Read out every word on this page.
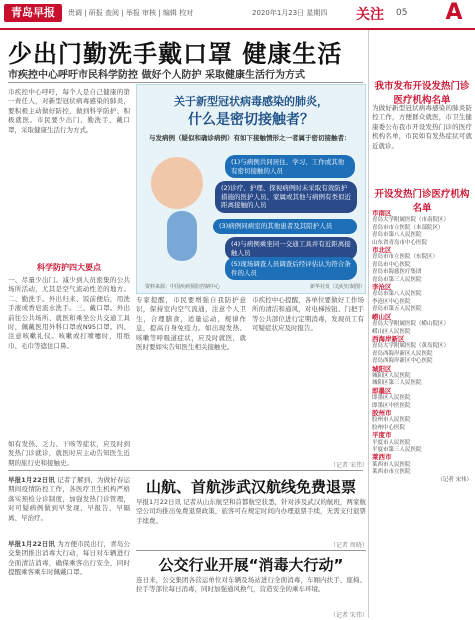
青岛早报	贵调 | 研报 查阅 | 举报 审核 | 编辑 校对	2020年1月23日 星期四 关注 05	A
少出门勤洗手戴口罩 健康生活
市疾控中心呼吁市民科学防控 做好个人防护 采取健康生活行为方式
市疾控中心呼吁，每个人是自己健康的第一责任人，对新型冠状病毒感染的肺炎，要积极主动做好防控，做到科学防护、积极就医。市民要少出门、勤洗手、戴口罩，采取健康生活行为方式。
科学防护四大要点
一、尽量少出门。减少到人员密集的公共场所活动，尤其是空气流动性差的地方。二、勤洗手。外出归来、饭前便后，用洗手液或香皂流水洗手。三、戴口罩。外出前往公共场所、就医和乘坐公共交通工具时，佩戴医用外科口罩或N95口罩。四、注意咳嗽礼仪。咳嗽或打喷嚏时，用纸巾、毛巾等遮住口鼻。
如有发热、乏力、干咳等症状，应及时到发热门诊就诊，就医时应主动告知医生近期的旅行史和接触史。
关于新型冠状病毒感染的肺炎，
什么是密切接触者？
与发病例（疑似和确诊病例）有如下接触情形之一者属于密切接触者：
(1)与病例共同居住、学习、工作或其他有密切接触的人员
(2)诊疗、护理、探视病例时未采取有效防护措施的医护人员、家属或其他与病例有类似近距离接触的人员
(3)病例同病室的其他患者及其陪护人员
(4)与病例乘坐同一交通工具并有近距离接触人员
(5)现场调查人员调查后经评估认为符合条件的人员
资料来源：中国疾病预防控制中心	新华社发（边纪红制图）
专家提醒，市民要增强自我防护意识，保持室内空气流通，注意个人卫生，合理膳食，适量运动，规律作息，提高自身免疫力。如出现发热、咳嗽等呼吸道症状，应及时就医，就医时要如实告知医生相关接触史。
市疾控中心提醒，各单位要做好工作场所的清洁和通风，对电梯按钮、门把手等公共部位进行定期消毒，发现员工有可疑症状应及时报告。
（记者 宋伟）
早报1月22日讯 记者了解到，为做好春运期间疫情防控工作，各医疗卫生机构严格落实预检分诊制度，加强发热门诊管理，对可疑病例做到早发现、早报告、早隔离、早治疗。
早报1月22日讯 为方便市民出行，青岛公交集团推出消毒大行动，每日对车辆进行全面清洁消毒，确保乘客出行安全，同时提醒乘客乘车时佩戴口罩。
山航、首航涉武汉航线免费退票
早报1月22日讯 记者从山东航空和首都航空获悉，针对涉及武汉的航班，两家航空公司均推出免费退票政策，旅客可在规定时间内办理退票手续，无需支付退票手续费。
（记者 周晓）
公交行业开展“消毒大行动”
连日来，公交集团各营运单位对车辆及场站进行全面消毒，车厢内扶手、座椅、拉手等部位每日消毒，同时加强通风换气，营造安全的乘车环境。
（记者 宋伟）
我市发布开设发热门诊医疗机构名单
为做好新型冠状病毒感染的肺炎防控工作，方便群众就医，市卫生健康委公布我市开设发热门诊的医疗机构名单，市民如有发热症状可就近就诊。
开设发热门诊医疗机构名单
市南区
青岛大学附属医院（市南院区）
青岛市市立医院（本部院区）
青岛市第八人民医院
山东省青岛市中心医院
市北区
青岛市市立医院（东院区）
青岛市中心医院
青岛市海慈医疗集团
青岛市第三人民医院
李沧区
青岛市第八人民医院
李沧区中心医院
青岛市第五人民医院
崂山区
青岛大学附属医院（崂山院区）
崂山区人民医院
西海岸新区
青岛大学附属医院（黄岛院区）
青岛西海岸新区人民医院
青岛西海岸新区中心医院
城阳区
城阳区人民医院
城阳区第三人民医院
即墨区
即墨区人民医院
即墨区中医医院
胶州市
胶州市人民医院
胶州中心医院
平度市
平度市人民医院
平度市第三人民医院
莱西市
莱西市人民医院
莱西市市立医院
（记者 宋伟）
